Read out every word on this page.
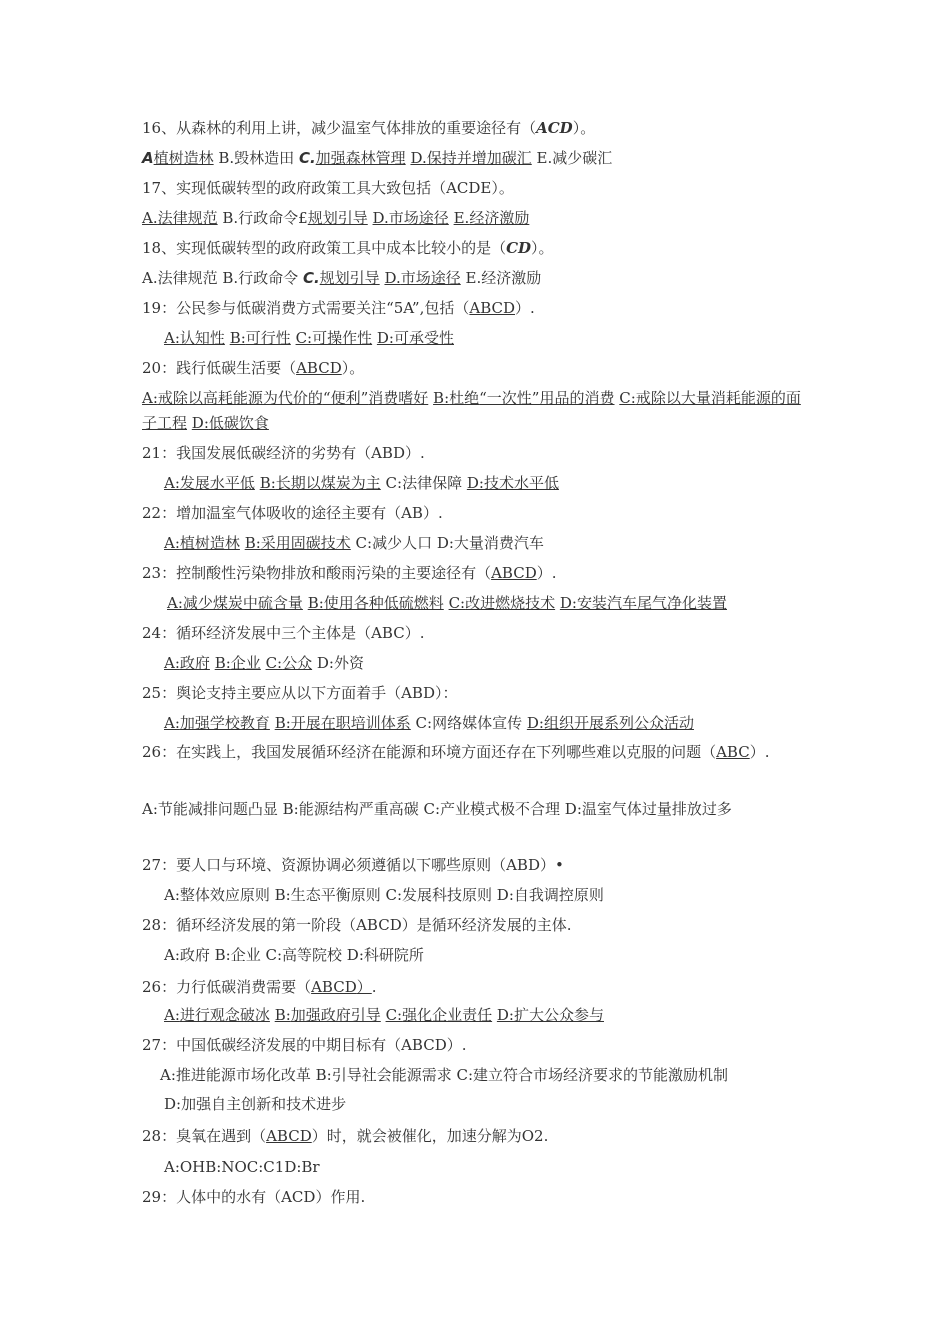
16、从森林的利用上讲，减少温室气体排放的重要途径有（ACD）。
A植树造林 B.毁林造田 C.加强森林管理 D.保持并增加碳汇 E.减少碳汇
17、实现低碳转型的政府政策工具大致包括（ACDE）。
A.法律规范 B.行政命令£规划引导 D.市场途径 E.经济激励
18、实现低碳转型的政府政策工具中成本比较小的是（CD）。
A.法律规范 B.行政命令 C.规划引导 D.市场途径 E.经济激励
19：公民参与低碳消费方式需要关注“5A”,包括（ABCD）.
A:认知性 B:可行性 C:可操作性 D:可承受性
20：践行低碳生活要（ABCD）。
A:戒除以高耗能源为代价的“便利”消费嗜好 B:杜绝“一次性”用品的消费 C:戒除以大量消耗能源的面子工程 D:低碳饮食
21：我国发展低碳经济的劣势有（ABD）.
A:发展水平低 B:长期以煤炭为主 C:法律保障 D:技术水平低
22：增加温室气体吸收的途径主要有（AB）.
A:植树造林 B:采用固碳技术 C:减少人口 D:大量消费汽车
23：控制酸性污染物排放和酸雨污染的主要途径有（ABCD）.
A:减少煤炭中硫含量 B:使用各种低硫燃料 C:改进燃烧技术 D:安装汽车尾气净化装置
24：循环经济发展中三个主体是（ABC）.
A:政府 B:企业 C:公众 D:外资
25：舆论支持主要应从以下方面着手（ABD）：
A:加强学校教育 B:开展在职培训体系 C:网络媒体宣传 D:组织开展系列公众活动
26：在实践上，我国发展循环经济在能源和环境方面还存在下列哪些难以克服的问题（ABC）.
A:节能减排问题凸显 B:能源结构严重高碳 C:产业模式极不合理 D:温室气体过量排放过多
27：要人口与环境、资源协调必须遵循以下哪些原则（ABD）•
A:整体效应原则 B:生态平衡原则 C:发展科技原则 D:自我调控原则
28：循环经济发展的第一阶段（ABCD）是循环经济发展的主体.
A:政府 B:企业 C:高等院校 D:科研院所
26：力行低碳消费需要（ABCD）.
A:进行观念破冰 B:加强政府引导 C:强化企业责任 D:扩大公众参与
27：中国低碳经济发展的中期目标有（ABCD）.
A:推进能源市场化改革 B:引导社会能源需求 C:建立符合市场经济要求的节能激励机制
D:加强自主创新和技术进步
28：臭氧在遇到（ABCD）时，就会被催化，加速分解为O2.
A:OHB:NOC:C1D:Br
29：人体中的水有（ACD）作用.
